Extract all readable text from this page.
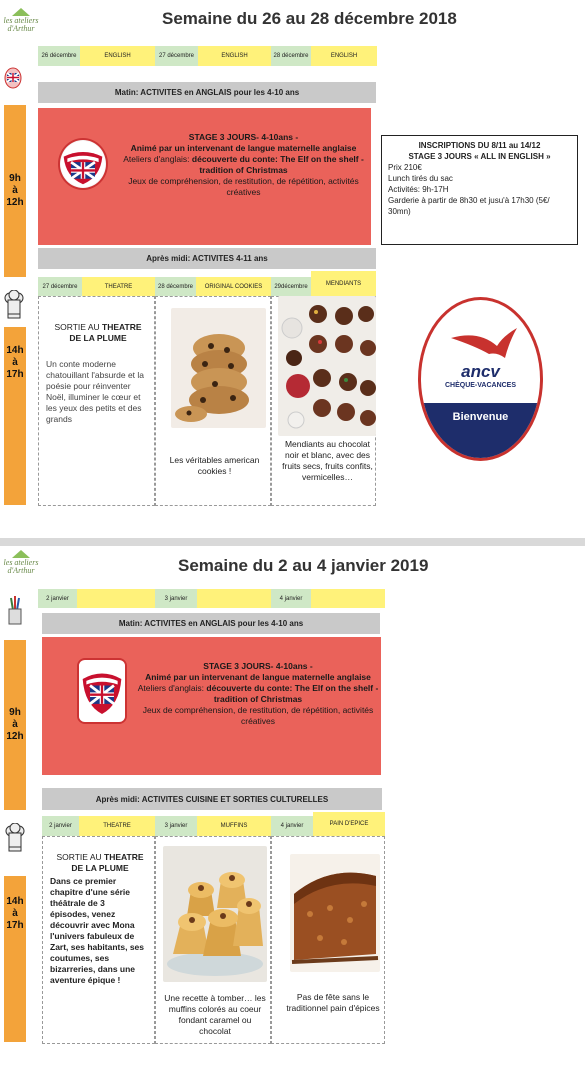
les ateliers d'Arthur
Semaine du 26 au 28 décembre 2018
26 décembre	ENGLISH	27 décembre	ENGLISH	28 décembre	ENGLISH
9h
à
12h
Matin: ACTIVITES en ANGLAIS pour les 4-10 ans
STAGE 3 JOURS- 4-10ans -
Animé par un intervenant de langue maternelle anglaise
Ateliers d'anglais: découverte du conte: The Elf on the shelf - tradition of Christmas
Jeux de compréhension, de restitution, de répétition, activités créatives
Après midi: ACTIVITES 4-11 ans
14h
à
17h
27 décembre	THEATRE	28 décembre	ORIGINAL COOKIES	29décembre	MENDIANTS
SORTIE AU THEATRE DE LA PLUME
Un conte moderne chatouillant l'absurde et la poésie pour réinventer Noël, illuminer le cœur et les yeux des petits et des grands
Les véritables american cookies !
Mendiants au chocolat noir et blanc, avec des fruits secs, fruits confits, vermicelles…
INSCRIPTIONS DU 8/11 au 14/12
STAGE 3 JOURS « ALL IN ENGLISH »
Prix 210€
Lunch tirés du sac
Activités: 9h-17H
Garderie à partir de 8h30 et jusu'à 17h30 (5€/ 30mn)
ancv
CHÈQUE-VACANCES
Bienvenue
les ateliers d'Arthur	Semaine du 2 au 4 janvier 2019
2 janvier	3 janvier	4 janvier
9h
à
12h
Matin: ACTIVITES en ANGLAIS pour les 4-10 ans
STAGE 3 JOURS- 4-10ans -
Animé par un intervenant de langue maternelle anglaise
Ateliers d'anglais: découverte du conte: The Elf on the shelf - tradition of Christmas
Jeux de compréhension, de restitution, de répétition, activités créatives
Après midi: ACTIVITES CUISINE ET SORTIES CULTURELLES
14h
à
17h
2 janvier	THEATRE	3 janvier	MUFFINS	4 janvier	PAIN D'EPICE
SORTIE AU THEATRE DE LA PLUME
Dans ce premier chapitre d'une série théâtrale de 3 épisodes, venez découvrir avec Mona l'univers fabuleux de Zart, ses habitants, ses coutumes, ses bizarreries, dans une aventure épique !
Une recette à tomber… les muffins colorés au coeur fondant caramel ou chocolat
Pas de fête sans le traditionnel pain d'épices
